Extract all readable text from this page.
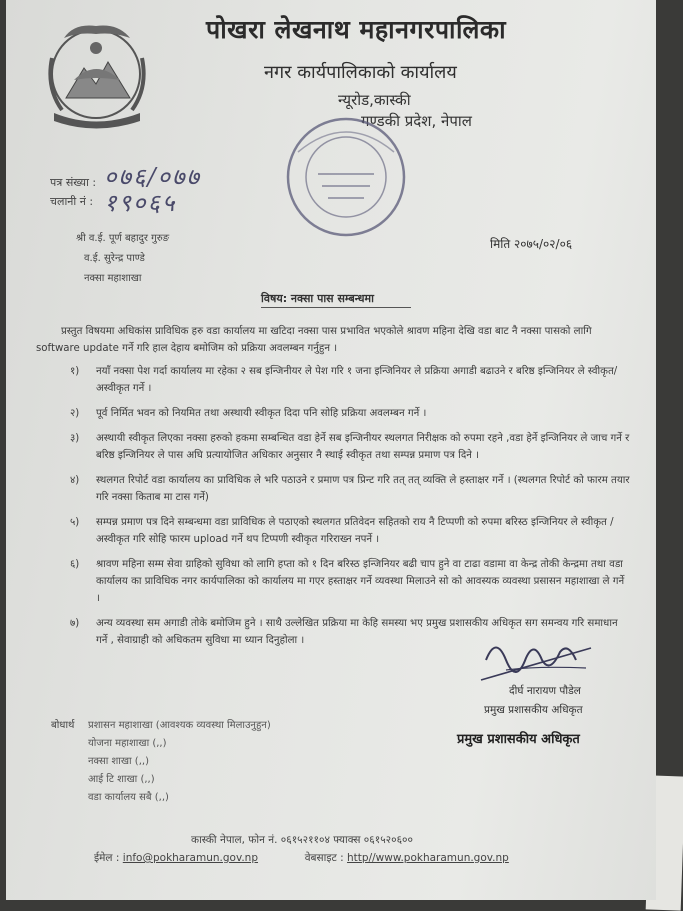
पोखरा लेखनाथ महानगरपालिका
नगर कार्यपालिकाको कार्यालय
न्यूरोड,कास्की
गण्डकी प्रदेश, नेपाल
पत्र संख्या : ०७६/०७७
चलानी नं : १९०६५
श्री व.ई. पूर्ण बहादुर गुरुङ
व.ई. सुरेन्द्र पाण्डे
नक्सा महाशाखा
मिति २०७५/०२/०६
विषय: नक्सा पास सम्बन्धमा
प्रस्तुत विषयमा अधिकांस प्राविधिक हरु वडा कार्यालय मा खटिदा नक्सा पास प्रभावित भएकोले श्रावण महिना देखि वडा बाट नै नक्सा पासको लागि software update गर्ने गरि हाल देहाय बमोजिम को प्रक्रिया अवलम्बन गर्नुहुन ।
१) नयाँ नक्सा पेश गर्दा कार्यालय मा रहेका २ सब इन्जिनीयर ले पेश गरि १ जना इन्जिनियर ले प्रक्रिया अगाडी बढाउने र बरिष्ठ इन्जिनियर ले स्वीकृत/अस्वीकृत गर्ने ।
२) पूर्व निर्मित भवन को नियमित तथा अस्थायी स्वीकृत दिदा पनि सोहि प्रक्रिया अवलम्बन गर्ने ।
३) अस्थायी स्वीकृत लिएका नक्सा हरुको हकमा सम्बन्धित वडा हेर्ने सब इन्जिनीयर स्थलगत निरीक्षक को रुपमा रहने ,वडा हेर्ने इन्जिनियर ले जाच गर्ने र बरिष्ठ इन्जिनियर ले पास अघि प्रत्यायोजित अधिकार अनुसार नै स्थाई स्वीकृत तथा सम्पन्न प्रमाण पत्र दिने ।
४) स्थलगत रिपोर्ट वडा कार्यालय का प्राविधिक ले भरि पठाउने र प्रमाण पत्र प्रिन्ट गरि तत् तत् व्यक्ति ले हस्ताक्षर गर्ने । (स्थलगत रिपोर्ट को फारम तयार गरि नक्सा किताब मा टास गर्ने)
५) सम्पन्न प्रमाण पत्र दिने सम्बन्धमा वडा प्राविधिक ले पठाएको स्थलगत प्रतिवेदन सहितको राय नै टिप्पणी को रुपमा बरिस्ठ इन्जिनियर ले स्वीकृत /अस्वीकृत गरि सोहि फारम upload गर्ने थप टिप्पणी स्वीकृत गरिराख्न नपर्ने ।
६) श्रावण महिना सम्म सेवा ग्राहिको सुविधा को लागि हप्ता को १ दिन बरिस्ठ इन्जिनियर बढी चाप हुने वा टाढा वडामा वा केन्द्र तोकी केन्द्रमा तथा वडा कार्यालय का प्राविधिक नगर कार्यपालिका को कार्यालय मा गएर हस्ताक्षर गर्ने व्यवस्था मिलाउने सो को आवस्यक व्यवस्था प्रसासन महाशाखा ले गर्ने ।
७) अन्य व्यवस्था सम अगाडी तोके बमोजिम हुने । साथै उल्लेखित प्रक्रिया मा केहि समस्या भए प्रमुख प्रशासकीय अधिकृत सग समन्वय गरि समाधान गर्ने , सेवाग्राही को अधिकतम सुविधा मा ध्यान दिनुहोला ।
दीर्घ नारायण पौडेल
प्रमुख प्रशासकीय अधिकृत
प्रमुख प्रशासकीय अधिकृत
बोधार्थ प्रशासन महाशाखा (आवश्यक व्यवस्था मिलाउनुहुन)
योजना महाशाखा (,,)
नक्सा शाखा (,,)
आई टि शाखा (,,)
वडा कार्यालय सबै (,,)
कास्की नेपाल, फोन नं. ०६१५२११०४ फ्याक्स ०६१५२०६००
ईमेल : info@pokharamun.gov.np	वेबसाइट : http//www.pokharamun.gov.np
